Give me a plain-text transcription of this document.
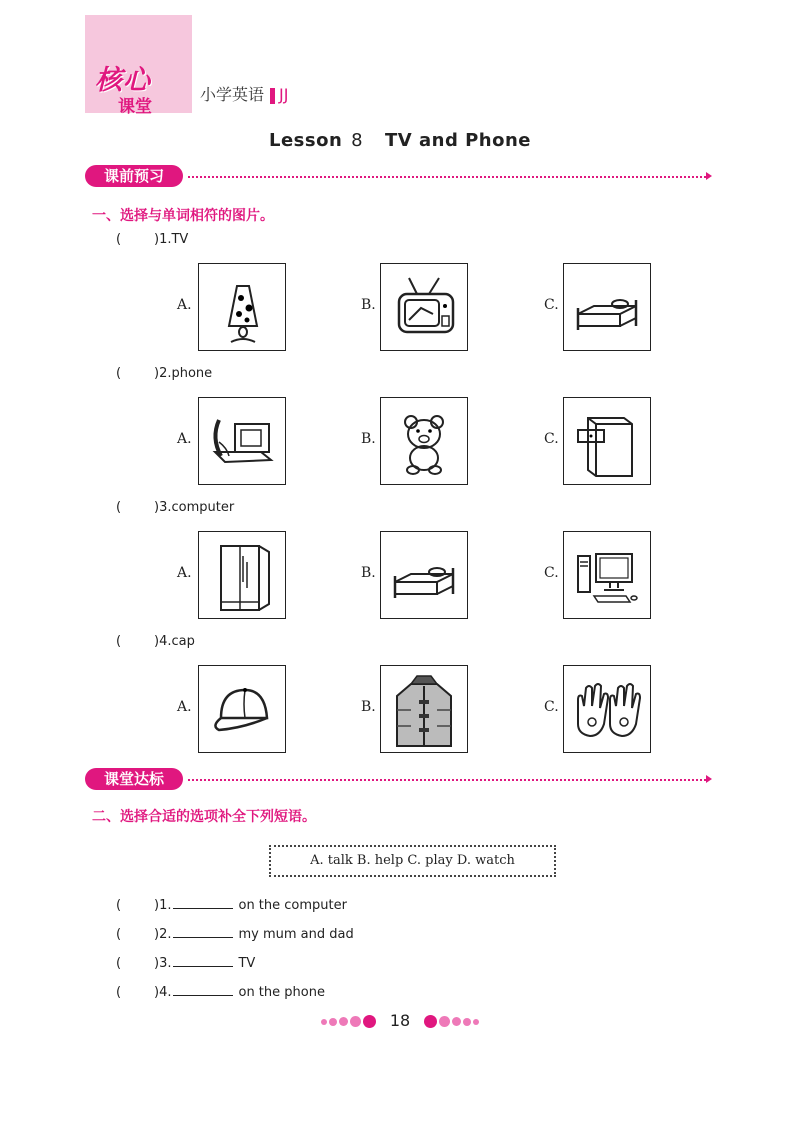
核心
课堂
小学英语 JJ
Lesson 8 TV and Phone
课前预习
一、选择与单词相符的图片。
(	)1.TV
A.	B.	C.
(	)2.phone
A.	B.	C.
(	)3.computer
A.	B.	C.
(	)4.cap
A.	B.	C.
课堂达标
二、选择合适的选项补全下列短语。
A. talk B. help C. play D. watch
(	)1.	on the computer
(	)2.	my mum and dad
(	)3.	TV
(	)4.	on the phone
18
